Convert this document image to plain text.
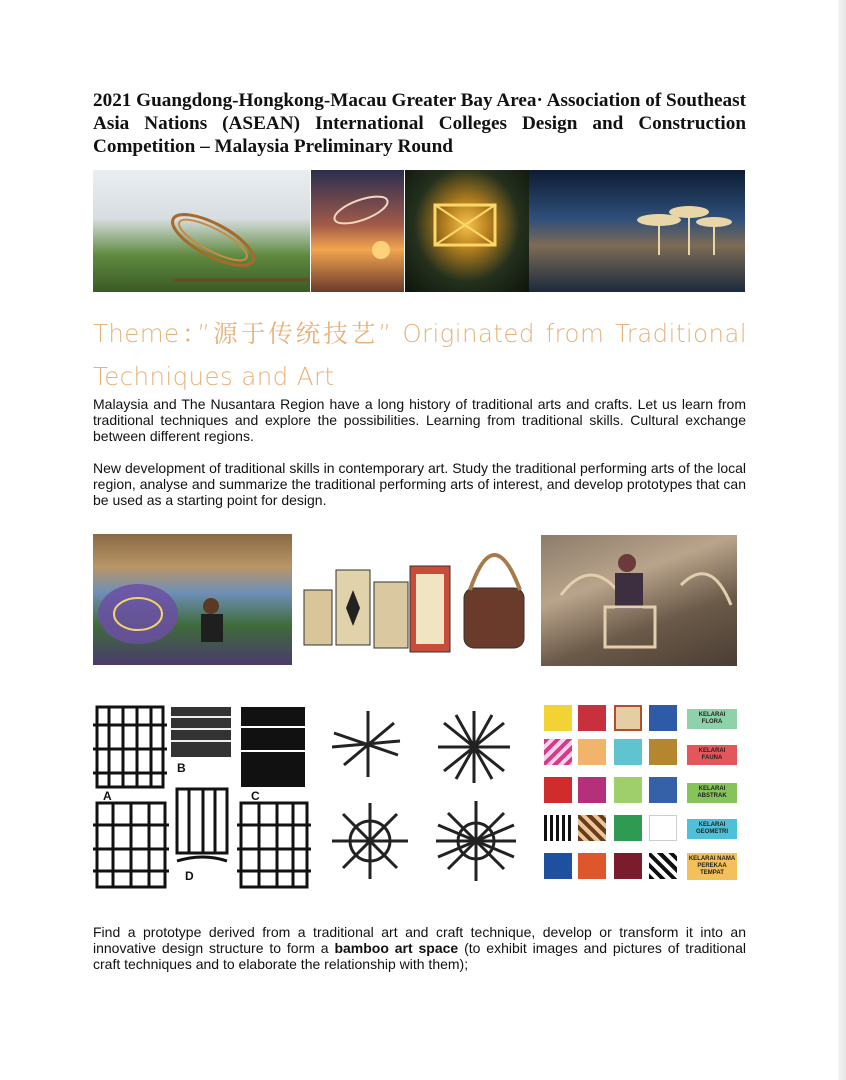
2021 Guangdong-Hongkong-Macau Greater Bay Area· Association of Southeast Asia Nations (ASEAN) International Colleges Design and Construction Competition – Malaysia Preliminary Round
Theme：”源于传统技艺” Originated from Traditional Techniques and Art

Malaysia and The Nusantara Region have a long history of traditional arts and crafts. Let us learn from traditional techniques and explore the possibilities. Learning from traditional skills. Cultural exchange between different regions.

New development of traditional skills in contemporary art. Study the traditional performing arts of the local region, analyse and summarize the traditional performing arts of interest, and develop prototypes that can be used as a starting point for design.

A
B
C
D
KELARAI FLORA
KELARAI FAUNA
KELARAI ABSTRAK
KELARAI GEOMETRI
KELARAI NAMA PEREKAA TEMPAT

Find a prototype derived from a traditional art and craft technique, develop or transform it into an innovative design structure to form a bamboo art space (to exhibit images and pictures of traditional craft techniques and to elaborate the relationship with them);
